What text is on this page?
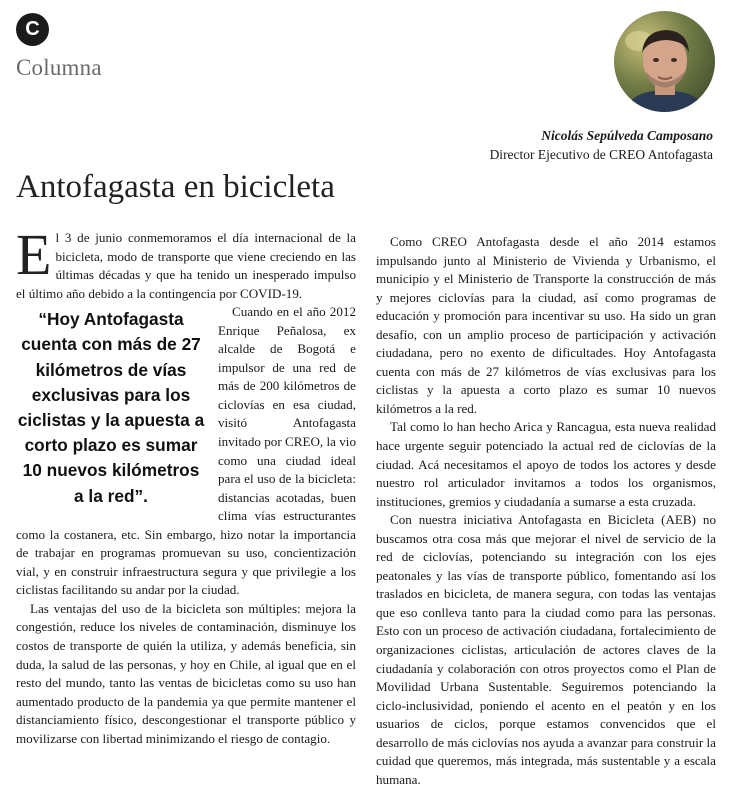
C
Columna
Nicolás Sepúlveda Camposano
Director Ejecutivo de CREO Antofagasta
Antofagasta en bicicleta
E l 3 de junio conmemoramos el día internacional de la bicicleta, modo de transporte que viene creciendo en las últimas décadas y que ha tenido un inesperado impulso el último año debido a la contingencia por COVID-19.

“Hoy Antofagasta cuenta con más de 27 kilómetros de vías exclusivas para los ciclistas y la apuesta a corto plazo es sumar 10 nuevos kilómetros a la red”.

Cuando en el año 2012 Enrique Peñalosa, ex alcalde de Bogotá e impulsor de una red de más de 200 kilómetros de ciclovías en esa ciudad, visitó Antofagasta invitado por CREO, la vio como una ciudad ideal para el uso de la bicicleta: distancias acotadas, buen clima vías estructurantes como la costanera, etc. Sin embargo, hizo notar la importancia de trabajar en programas promuevan su uso, concientización vial, y en construir infraestructura segura y que privilegie a los ciclistas facilitando su andar por la ciudad.

Las ventajas del uso de la bicicleta son múltiples: mejora la congestión, reduce los niveles de contaminación, disminuye los costos de transporte de quién la utiliza, y además beneficia, sin duda, la salud de las personas, y hoy en Chile, al igual que en el resto del mundo, tanto las ventas de bicicletas como su uso han aumentado producto de la pandemia ya que permite mantener el distanciamiento físico, descongestionar el transporte público y movilizarse con libertad minimizando el riesgo de contagio.

Como CREO Antofagasta desde el año 2014 estamos impulsando junto al Ministerio de Vivienda y Urbanismo, el municipio y el Ministerio de Transporte la construcción de más y mejores ciclovías para la ciudad, así como programas de educación y promoción para incentivar su uso. Ha sido un gran desafío, con un amplio proceso de participación y activación ciudadana, pero no exento de dificultades. Hoy Antofagasta cuenta con más de 27 kilómetros de vías exclusivas para los ciclistas y la apuesta a corto plazo es sumar 10 nuevos kilómetros a la red.

Tal como lo han hecho Arica y Rancagua, esta nueva realidad hace urgente seguir potenciado la actual red de ciclovías de la ciudad. Acá necesitamos el apoyo de todos los actores y desde nuestro rol articulador invitamos a todos los organismos, instituciones, gremios y ciudadanía a sumarse a esta cruzada.

Con nuestra iniciativa Antofagasta en Bicicleta (AEB) no buscamos otra cosa más que mejorar el nivel de servicio de la red de ciclovías, potenciando su integración con los ejes peatonales y las vías de transporte público, fomentando así los traslados en bicicleta, de manera segura, con todas las ventajas que eso conlleva tanto para la ciudad como para las personas. Esto con un proceso de activación ciudadana, fortalecimiento de organizaciones ciclistas, articulación de actores claves de la ciudadanía y colaboración con otros proyectos como el Plan de Movilidad Urbana Sustentable. Seguiremos potenciando la ciclo-inclusividad, poniendo el acento en el peatón y en los usuarios de ciclos, porque estamos convencidos que el desarrollo de más ciclovías nos ayuda a avanzar para construir la cuidad que queremos, más integrada, más sustentable y a escala humana.
